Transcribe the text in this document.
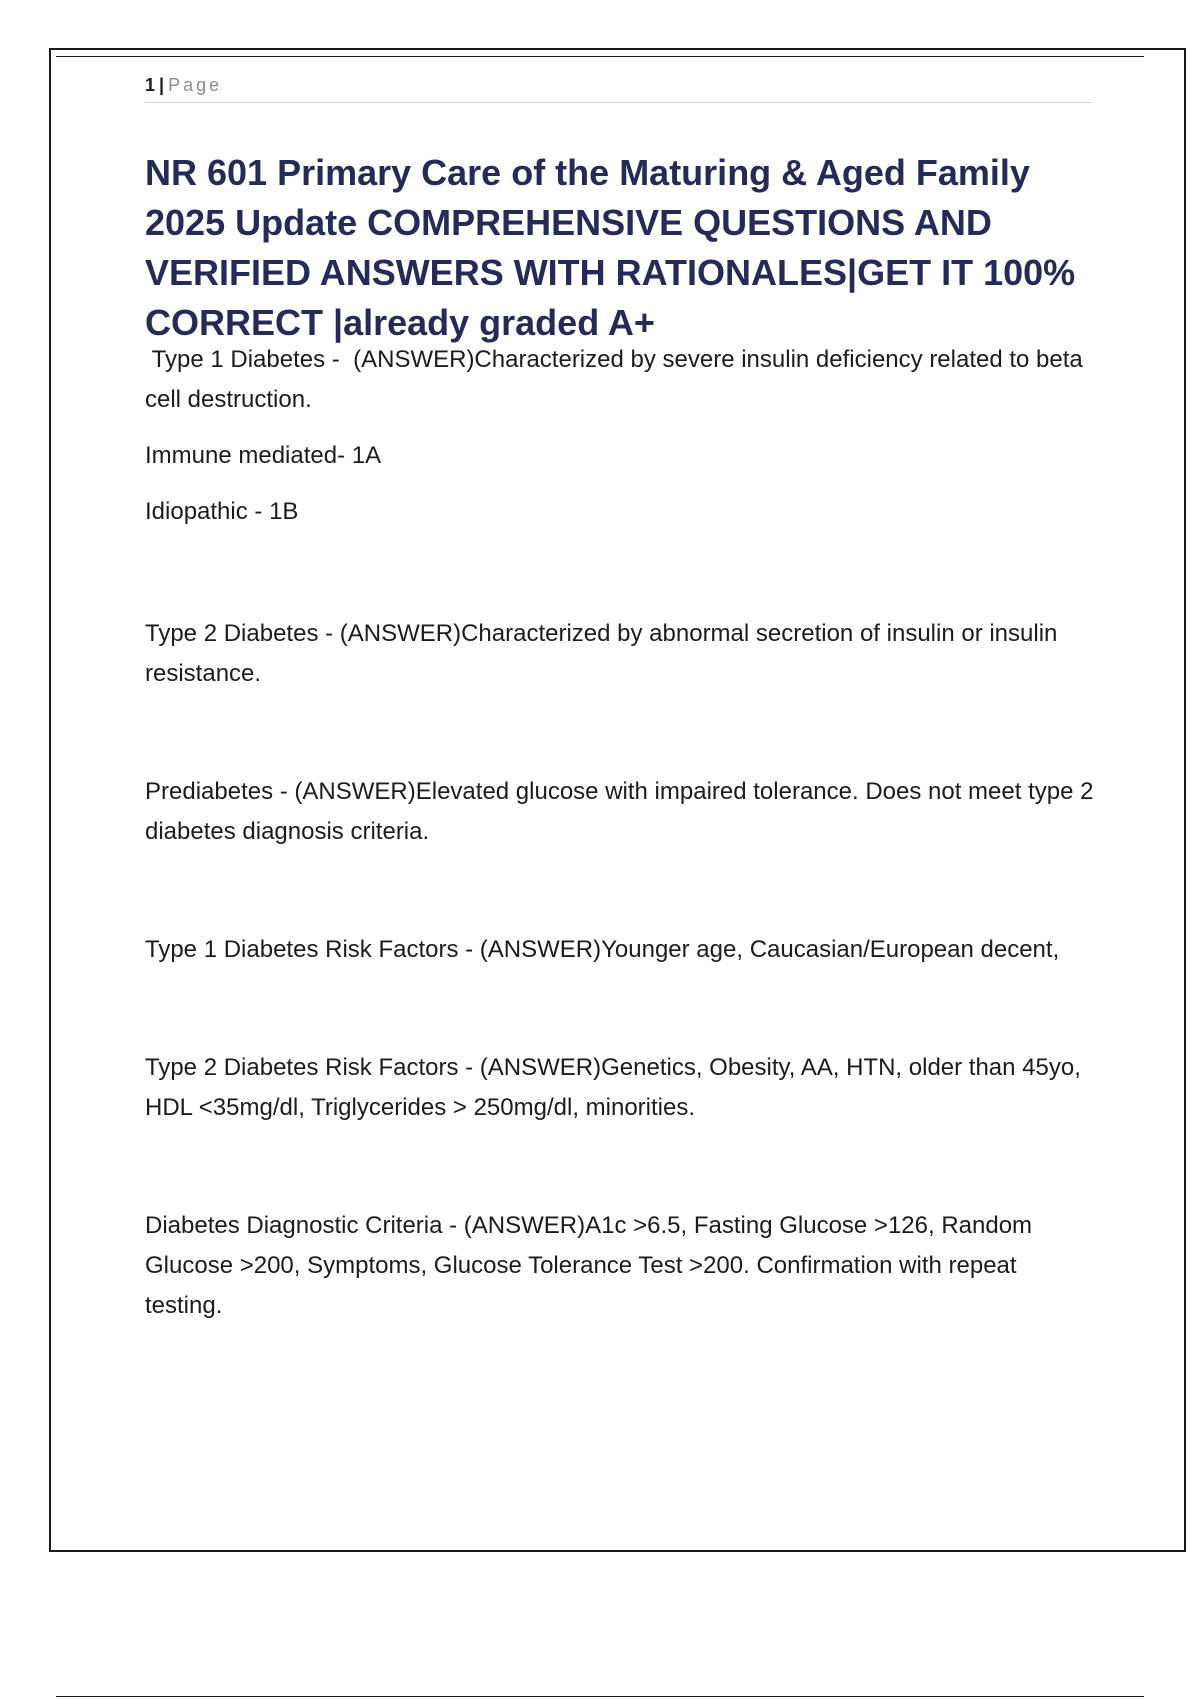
1 | Page
NR 601 Primary Care of the Maturing & Aged Family 2025 Update COMPREHENSIVE QUESTIONS AND VERIFIED ANSWERS WITH RATIONALES|GET IT 100% CORRECT |already graded A+

Type 1 Diabetes -  (ANSWER)Characterized by severe insulin deficiency related to beta cell destruction.

Immune mediated- 1A

Idiopathic - 1B

Type 2 Diabetes - (ANSWER)Characterized by abnormal secretion of insulin or insulin resistance.

Prediabetes - (ANSWER)Elevated glucose with impaired tolerance. Does not meet type 2 diabetes diagnosis criteria.

Type 1 Diabetes Risk Factors - (ANSWER)Younger age, Caucasian/European decent,

Type 2 Diabetes Risk Factors - (ANSWER)Genetics, Obesity, AA, HTN, older than 45yo, HDL <35mg/dl, Triglycerides > 250mg/dl, minorities.

Diabetes Diagnostic Criteria - (ANSWER)A1c >6.5, Fasting Glucose >126, Random Glucose >200, Symptoms, Glucose Tolerance Test >200. Confirmation with repeat testing.
